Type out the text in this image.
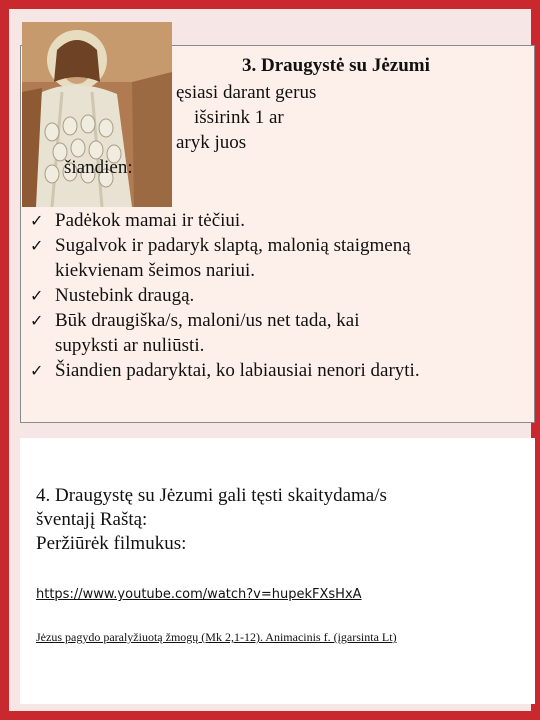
3. Draugystė su Jėzumi
ęsiasi darant gerus
išsirink 1 ar
aryk juos
šiandien:
✓ Padėkok mamai ir tėčiui.
✓ Sugalvok ir padaryk slaptą, malonią staigmeną
kiekvienam šeimos nariui.
✓ Nustebink draugą.
✓ Būk draugiška/s, maloni/us net tada, kai
supyksti ar nuliūsti.
✓ Šiandien padaryktai, ko labiausiai nenori daryti.
4. Draugystę su Jėzumi gali tęsti skaitydama/s
šventajį Raštą:
Peržiūrėk filmukus:
https://www.youtube.com/watch?v=hupekFXsHxA
Jėzus pagydo paralyžiuotą žmogų (Mk 2,1-12). Animacinis f. (įgarsinta Lt)
